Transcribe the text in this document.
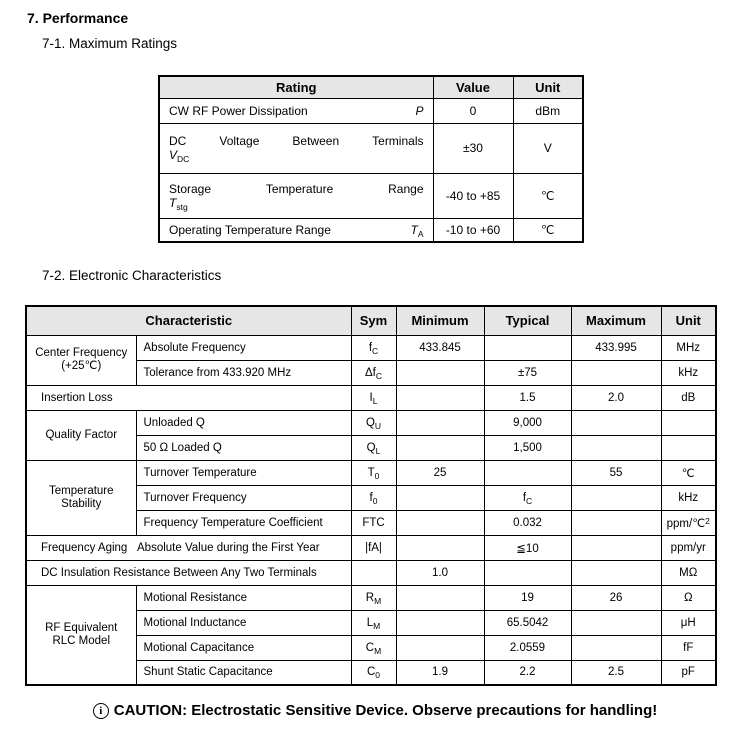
7. Performance
7-1. Maximum Ratings
7-2. Electronic Characteristics
Rating	Value	Unit

CW RF Power Dissipation P	0	dBm

DC Voltage Between Terminals
$V_{DC}$	±30	V

Storage Temperature Range
$T_{stg}$	-40 to +85	℃

Operating Temperature Range $T_A$	-10 to +60	℃
Characteristic		Sym	Minimum	Typical	Maximum	Unit

Center Frequency
(+25℃)	Absolute Frequency	$f_C$	433.845		433.995	MHz
	Tolerance from 433.920 MHz	$\Delta f_C$		±75		kHz
Insertion Loss		$I_L$		1.5	2.0	dB
Quality Factor	Unloaded Q	$Q_U$		9,000		
	50 Ω Loaded Q	$Q_L$		1,500		

Temperature
Stability	Turnover Temperature	$T_0$	25		55	℃
	Turnover Frequency	$f_0$		$f_C$		kHz
	Frequency Temperature Coefficient	FTC		0.032		ppm/℃$^2$

Frequency Aging Absolute Value during the First Year		|fA|		≦10		ppm/yr
DC Insulation Resistance Between Any Two Terminals			1.0			MΩ

RF Equivalent
RLC Model	Motional Resistance	$R_M$		19	26	Ω
	Motional Inductance	$L_M$		65.5042		μH
	Motional Capacitance	$C_M$		2.0559		fF
	Shunt Static Capacitance	$C_0$	1.9	2.2	2.5	pF
i CAUTION: Electrostatic Sensitive Device. Observe precautions for handling!
